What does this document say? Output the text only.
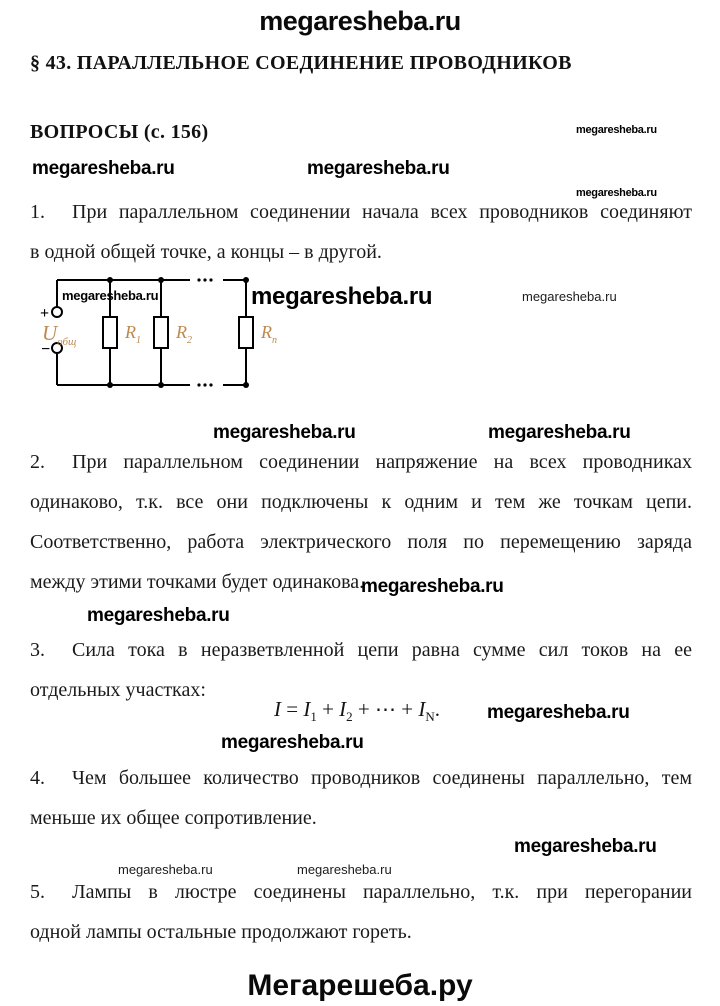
megaresheba.ru
§ 43. ПАРАЛЛЕЛЬНОЕ СОЕДИНЕНИЕ ПРОВОДНИКОВ
ВОПРОСЫ (с. 156)
1. При параллельном соединении начала всех проводников соединяют
в одной общей точке, а концы – в другой.
+
−
$U_{общ}$	$R_1$ $R_2$	$R_n$
2. При параллельном соединении напряжение на всех проводниках
одинаково, т.к. все они подключены к одним и тем же точкам цепи.
Соответственно, работа электрического поля по перемещению заряда
между этими точками будет одинакова.
3. Сила тока в неразветвленной цепи равна сумме сил токов на ее
отдельных участках:
$I = I_1 + I_2$ + ⋯ + $I_N$.
4. Чем большее количество проводников соединены параллельно, тем
меньше их общее сопротивление.
5. Лампы в люстре соединены параллельно, т.к. при перегорании
одной лампы остальные продолжают гореть.
megaresheba.ru
megaresheba.ru	megaresheba.ru
megaresheba.ru
megaresheba.ru	megaresheba.ru	megaresheba.ru
megaresheba.ru	megaresheba.ru
megaresheba.ru
megaresheba.ru
megaresheba.ru
megaresheba.ru
megaresheba.ru
megaresheba.ru	megaresheba.ru
Мегарешеба.ру
